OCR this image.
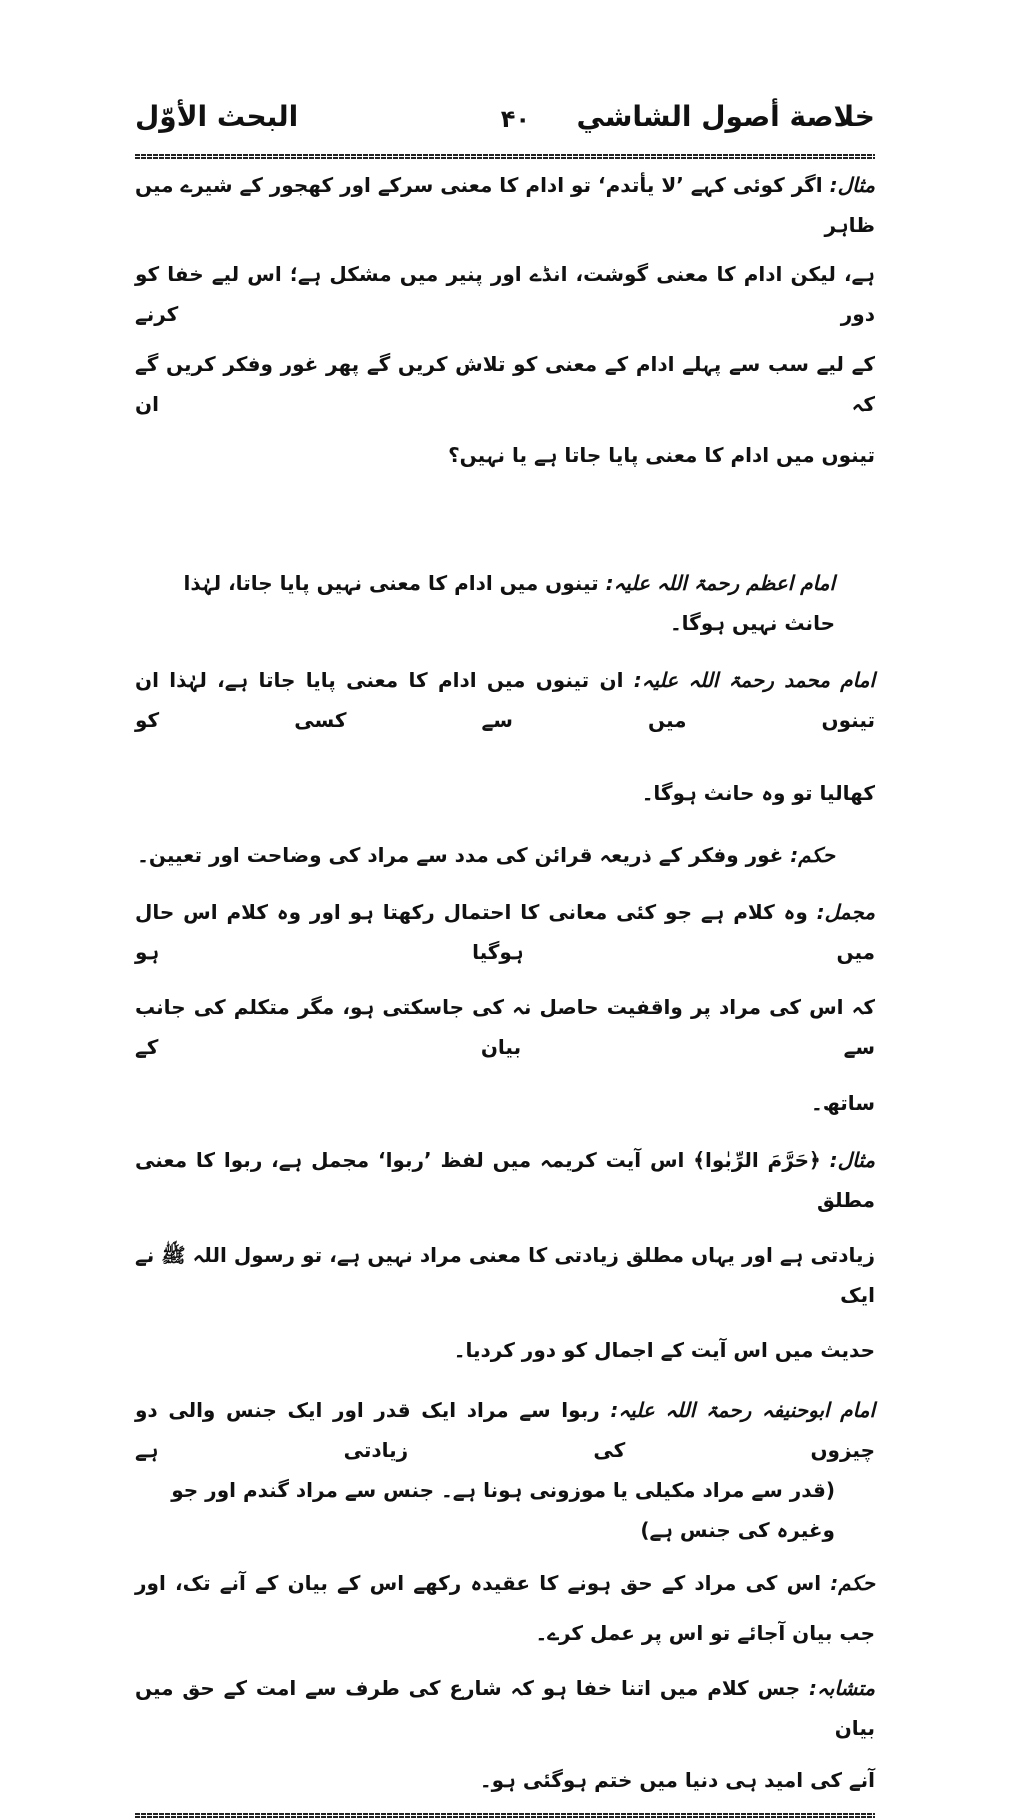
خلاصة أصول الشاشي
۴۰
البحث الأوّل
مثال: اگر کوئی کہے ’لا یأتدم‘ تو ادام کا معنی سرکے اور کھجور کے شیرے میں ظاہر
ہے، لیکن ادام کا معنی گوشت، انڈے اور پنیر میں مشکل ہے؛ اس لیے خفا کو دور کرنے
کے لیے سب سے پہلے ادام کے معنی کو تلاش کریں گے پھر غور وفکر کریں گے کہ ان
تینوں میں ادام کا معنی پایا جاتا ہے یا نہیں؟
امام اعظم رحمۃ اللہ علیہ: تینوں میں ادام کا معنی نہیں پایا جاتا، لہٰذا حانث نہیں ہوگا۔
امام محمد رحمۃ اللہ علیہ: ان تینوں میں ادام کا معنی پایا جاتا ہے، لہٰذا ان تینوں میں سے کسی کو
کھالیا تو وہ حانث ہوگا۔
حکم: غور وفکر کے ذریعہ قرائن کی مدد سے مراد کی وضاحت اور تعیین۔
مجمل: وہ کلام ہے جو کئی معانی کا احتمال رکھتا ہو اور وہ کلام اس حال میں ہوگیا ہو
کہ اس کی مراد پر واقفیت حاصل نہ کی جاسکتی ہو، مگر متکلم کی جانب سے بیان کے
ساتھ۔
مثال: ﴿حَرَّمَ الرِّبٰوا﴾ اس آیت کریمہ میں لفظ ’ربوا‘ مجمل ہے، ربوا کا معنی مطلق
زیادتی ہے اور یہاں مطلق زیادتی کا معنی مراد نہیں ہے، تو رسول اللہ ﷺ نے ایک
حدیث میں اس آیت کے اجمال کو دور کردیا۔
امام ابوحنیفہ رحمۃ اللہ علیہ: ربوا سے مراد ایک قدر اور ایک جنس والی دو چیزوں کی زیادتی ہے
(قدر سے مراد مکیلی یا موزونی ہونا ہے۔ جنس سے مراد گندم اور جو وغیرہ کی جنس ہے)
حکم: اس کی مراد کے حق ہونے کا عقیدہ رکھے اس کے بیان کے آنے تک، اور
جب بیان آجائے تو اس پر عمل کرے۔
متشابہ: جس کلام میں اتنا خفا ہو کہ شارع کی طرف سے امت کے حق میں بیان
آنے کی امید ہی دنیا میں ختم ہوگئی ہو۔
